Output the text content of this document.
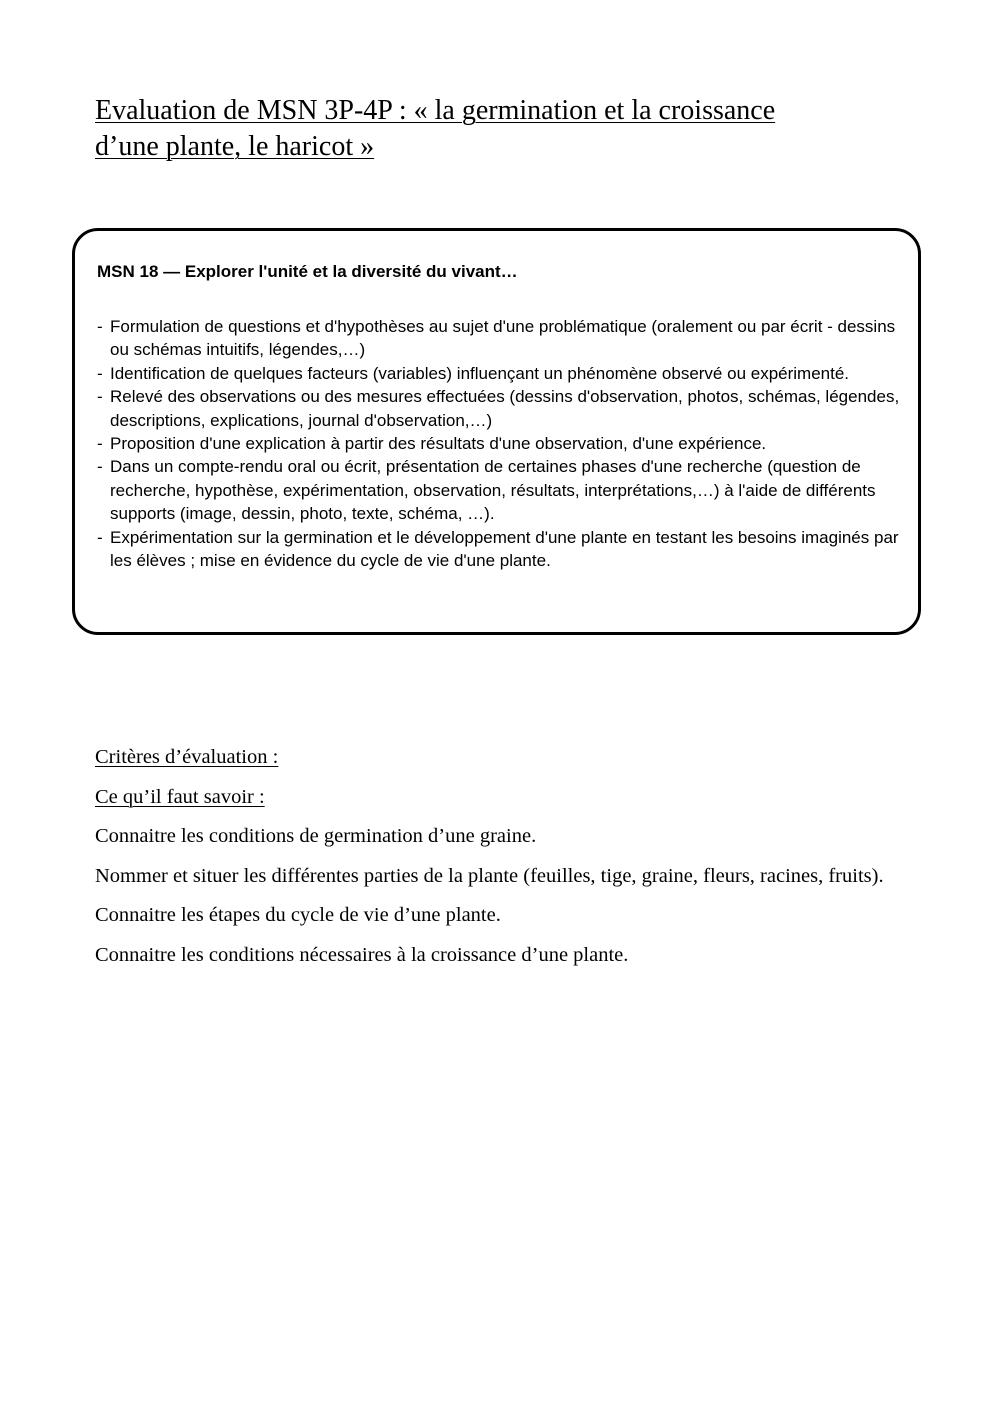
Evaluation de MSN 3P-4P : « la germination et la croissance
d’une plante, le haricot »

MSN 18 — Explorer l'unité et la diversité du vivant…

- Formulation de questions et d'hypothèses au sujet d'une problématique (oralement ou par écrit - dessins ou schémas intuitifs, légendes,…)
- Identification de quelques facteurs (variables) influençant un phénomène observé ou expérimenté.
- Relevé des observations ou des mesures effectuées (dessins d'observation, photos, schémas, légendes, descriptions, explications, journal d'observation,…)
- Proposition d'une explication à partir des résultats d'une observation, d'une expérience.
- Dans un compte-rendu oral ou écrit, présentation de certaines phases d'une recherche (question de recherche, hypothèse, expérimentation, observation, résultats, interprétations,…) à l'aide de différents supports (image, dessin, photo, texte, schéma, …).
- Expérimentation sur la germination et le développement d'une plante en testant les besoins imaginés par les élèves ; mise en évidence du cycle de vie d'une plante.

Critères d’évaluation :

Ce qu’il faut savoir :

Connaitre les conditions de germination d’une graine.

Nommer et situer les différentes parties de la plante (feuilles, tige, graine, fleurs, racines, fruits).

Connaitre les étapes du cycle de vie d’une plante.

Connaitre les conditions nécessaires à la croissance d’une plante.
